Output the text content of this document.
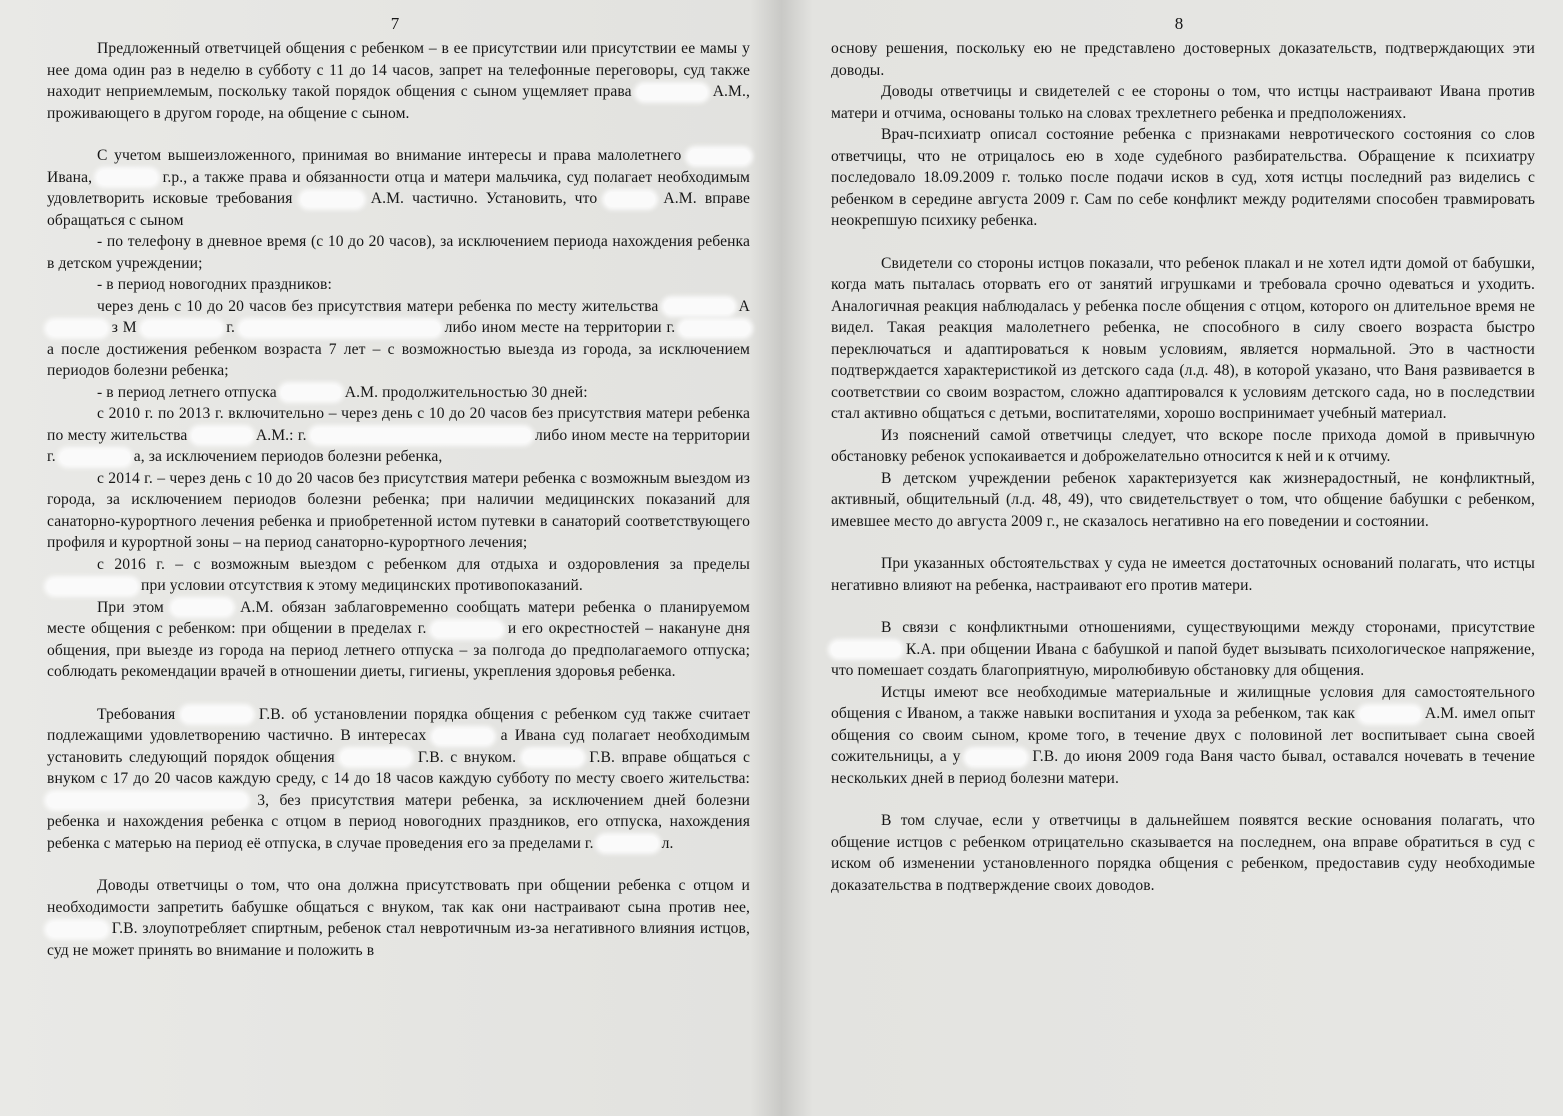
7

Предложенный ответчицей общения с ребенком – в ее присутствии или присутствии ее мамы у нее дома один раз в неделю в субботу с 11 до 14 часов, запрет на телефонные переговоры, суд также находит неприемлемым, поскольку такой порядок общения с сыном ущемляет права	А.М., проживающего в другом городе, на общение с сыном.

С учетом вышеизложенного, принимая во внимание интересы и права малолетнего  Ивана,	г.р., а также права и обязанности отца и матери мальчика, суд полагает необходимым удовлетворить исковые требования	А.М. частично. Установить, что	А.М. вправе обращаться с сыном

- по телефону в дневное время (с 10 до 20 часов), за исключением периода нахождения ребенка в детском учреждении;

- в период новогодних праздников:

через день с 10 до 20 часов без присутствия матери ребенка по месту жительства	А  з М	г.	либо ином месте на территории г.  а после достижения ребенком возраста 7 лет – с возможностью выезда из города, за исключением периодов болезни ребенка;

- в период летнего отпуска	А.М. продолжительностью 30 дней:

с 2010 г. по 2013 г. включительно – через день с 10 до 20 часов без присутствия матери ребенка по месту жительства	А.М.: г.	либо ином месте на территории г.	а, за исключением периодов болезни ребенка,

с 2014 г. – через день с 10 до 20 часов без присутствия матери ребенка с возможным выездом из города, за исключением периодов болезни ребенка; при наличии медицинских показаний для санаторно-курортного лечения ребенка и приобретенной истом путевки в санаторий соответствующего профиля и курортной зоны – на период санаторно-курортного лечения;

с 2016 г. – с возможным выездом с ребенком для отдыха и оздоровления за пределы  при условии отсутствия к этому медицинских противопоказаний.

При этом	А.М. обязан заблаговременно сообщать матери ребенка о планируемом месте общения с ребенком: при общении в пределах г.	и его окрестностей – накануне дня общения, при выезде из города на период летнего отпуска – за полгода до предполагаемого отпуска; соблюдать рекомендации врачей в отношении диеты, гигиены, укрепления здоровья ребенка.

Требования	Г.В. об установлении порядка общения с ребенком суд также считает подлежащими удовлетворению частично. В интересах	а Ивана суд полагает необходимым установить следующий порядок общения	Г.В. с внуком.	Г.В. вправе общаться с внуком с 17 до 20 часов каждую среду, с 14 до 18 часов каждую субботу по месту своего жительства:  3, без присутствия матери ребенка, за исключением дней болезни ребенка и нахождения ребенка с отцом в период новогодних праздников, его отпуска, нахождения ребенка с матерью на период её отпуска, в случае проведения его за пределами г.	л.

Доводы ответчицы о том, что она должна присутствовать при общении ребенка с отцом и необходимости запретить бабушке общаться с внуком, так как они настраивают сына против нее,  Г.В. злоупотребляет спиртным, ребенок стал невротичным из-за негативного влияния истцов, суд не может принять во внимание и положить в

8

основу решения, поскольку ею не представлено достоверных доказательств, подтверждающих эти доводы.

Доводы ответчицы и свидетелей с ее стороны о том, что истцы настраивают Ивана против матери и отчима, основаны только на словах трехлетнего ребенка и предположениях.

Врач-психиатр описал состояние ребенка с признаками невротического состояния со слов ответчицы, что не отрицалось ею в ходе судебного разбирательства. Обращение к психиатру последовало 18.09.2009 г. только после подачи исков в суд, хотя истцы последний раз виделись с ребенком в середине августа 2009 г. Сам по себе конфликт между родителями способен травмировать неокрепшую психику ребенка.

Свидетели со стороны истцов показали, что ребенок плакал и не хотел идти домой от бабушки, когда мать пыталась оторвать его от занятий игрушками и требовала срочно одеваться и уходить. Аналогичная реакция наблюдалась у ребенка после общения с отцом, которого он длительное время не видел. Такая реакция малолетнего ребенка, не способного в силу своего возраста быстро переключаться и адаптироваться к новым условиям, является нормальной. Это в частности подтверждается характеристикой из детского сада (л.д. 48), в которой указано, что Ваня развивается в соответствии со своим возрастом, сложно адаптировался к условиям детского сада, но в последствии стал активно общаться с детьми, воспитателями, хорошо воспринимает учебный материал.

Из пояснений самой ответчицы следует, что вскоре после прихода домой в привычную обстановку ребенок успокаивается и доброжелательно относится к ней и к отчиму.

В детском учреждении ребенок характеризуется как жизнерадостный, не конфликтный, активный, общительный (л.д. 48, 49), что свидетельствует о том, что общение бабушки с ребенком, имевшее место до августа 2009 г., не сказалось негативно на его поведении и состоянии.

При указанных обстоятельствах у суда не имеется достаточных оснований полагать, что истцы негативно влияют на ребенка, настраивают его против матери.

В связи с конфликтными отношениями, существующими между сторонами, присутствие  К.А. при общении Ивана с бабушкой и папой будет вызывать психологическое напряжение, что помешает создать благоприятную, миролюбивую обстановку для общения.

Истцы имеют все необходимые материальные и жилищные условия для самостоятельного общения с Иваном, а также навыки воспитания и ухода за ребенком, так как	А.М. имел опыт общения со своим сыном, кроме того, в течение двух с половиной лет воспитывает сына своей сожительницы, а у	Г.В. до июня 2009 года Ваня часто бывал, оставался ночевать в течение нескольких дней в период болезни матери.

В том случае, если у ответчицы в дальнейшем появятся веские основания полагать, что общение истцов с ребенком отрицательно сказывается на последнем, она вправе обратиться в суд с иском об изменении установленного порядка общения с ребенком, предоставив суду необходимые доказательства в подтверждение своих доводов.
